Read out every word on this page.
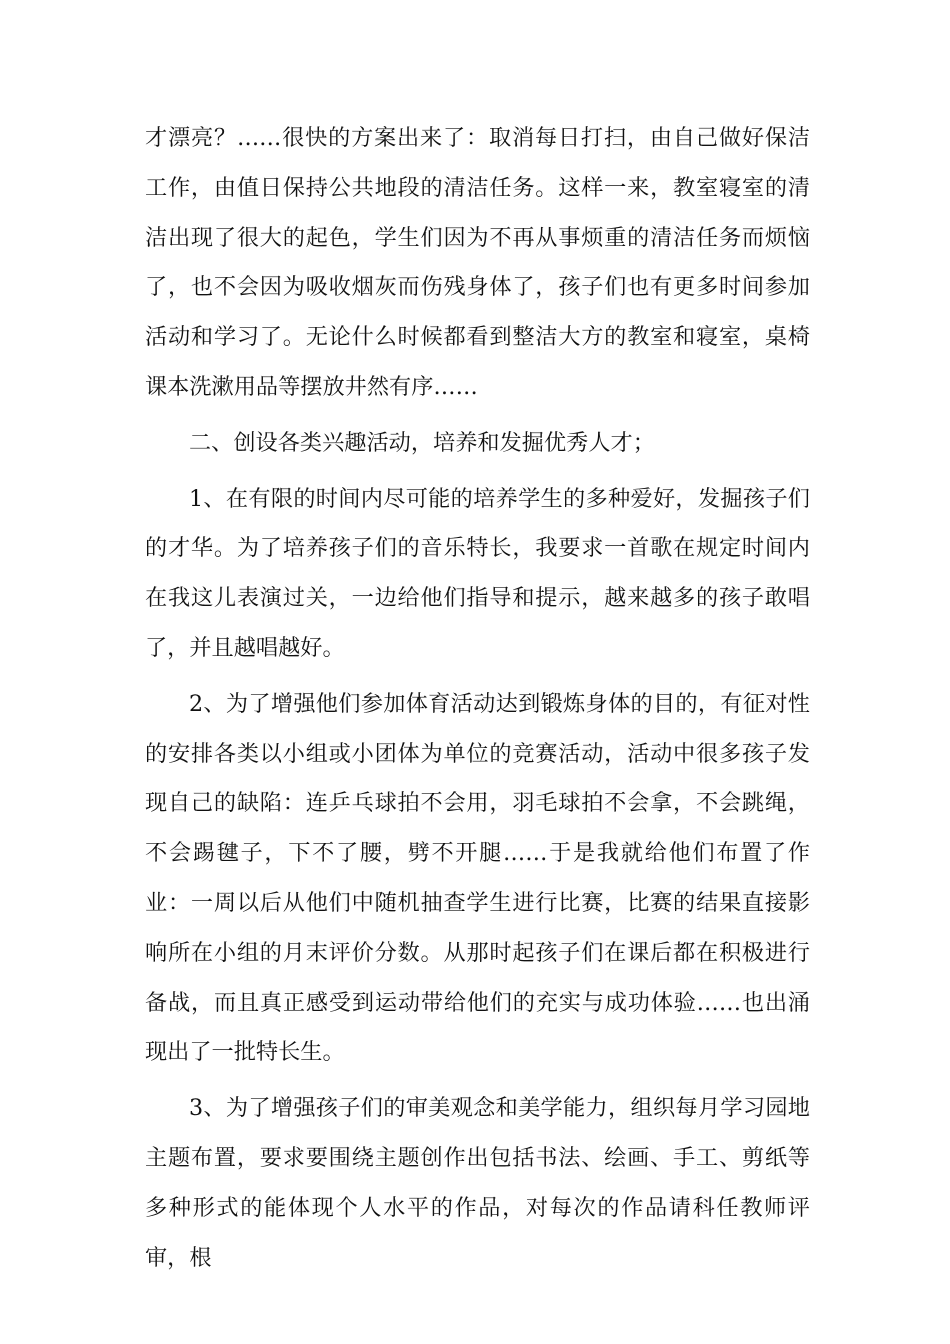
才漂亮？……很快的方案出来了：取消每日打扫，由自己做好保洁工作，由值日保持公共地段的清洁任务。这样一来，教室寝室的清洁出现了很大的起色，学生们因为不再从事烦重的清洁任务而烦恼了，也不会因为吸收烟灰而伤残身体了，孩子们也有更多时间参加活动和学习了。无论什么时候都看到整洁大方的教室和寝室，桌椅课本洗漱用品等摆放井然有序……

二、创设各类兴趣活动，培养和发掘优秀人才；

1、在有限的时间内尽可能的培养学生的多种爱好，发掘孩子们的才华。为了培养孩子们的音乐特长，我要求一首歌在规定时间内在我这儿表演过关，一边给他们指导和提示，越来越多的孩子敢唱了，并且越唱越好。

2、为了增强他们参加体育活动达到锻炼身体的目的，有征对性的安排各类以小组或小团体为单位的竞赛活动，活动中很多孩子发现自己的缺陷：连乒乓球拍不会用，羽毛球拍不会拿，不会跳绳，不会踢毽子，下不了腰，劈不开腿……于是我就给他们布置了作业：一周以后从他们中随机抽查学生进行比赛，比赛的结果直接影响所在小组的月末评价分数。从那时起孩子们在课后都在积极进行备战，而且真正感受到运动带给他们的充实与成功体验……也出涌现出了一批特长生。

3、为了增强孩子们的审美观念和美学能力，组织每月学习园地主题布置，要求要围绕主题创作出包括书法、绘画、手工、剪纸等多种形式的能体现个人水平的作品，对每次的作品请科任教师评审，根
